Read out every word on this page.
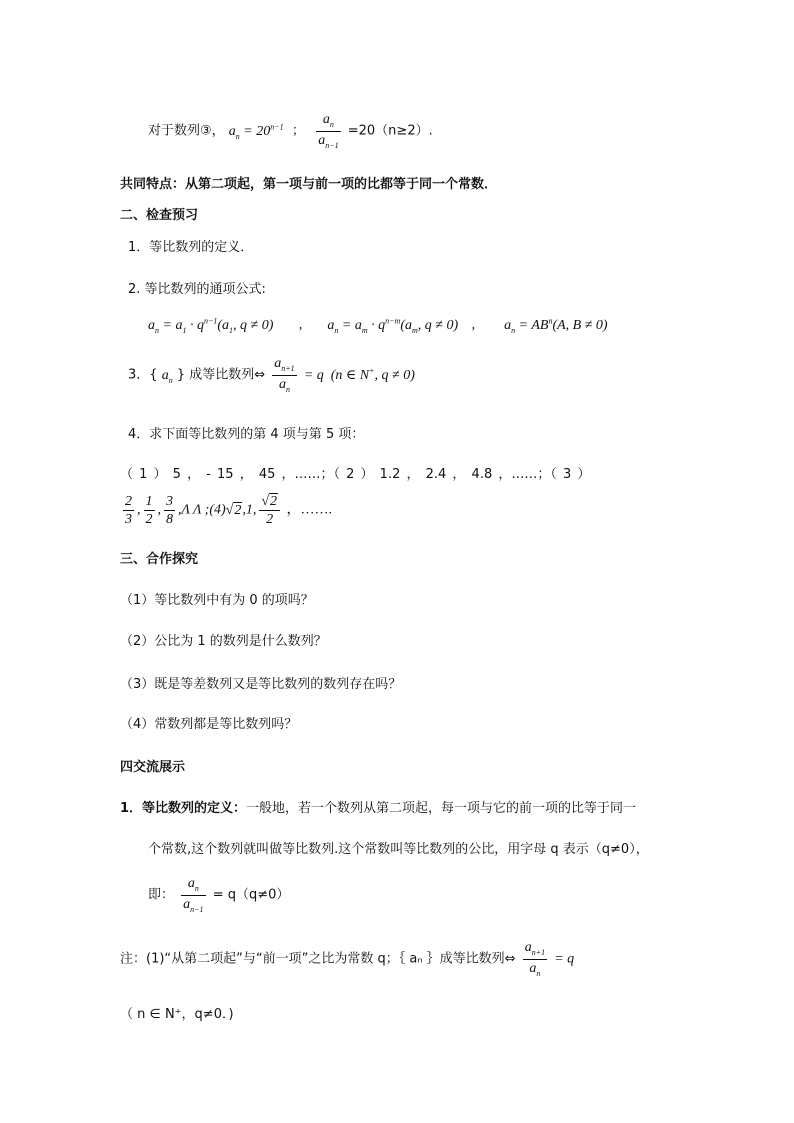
对于数列③， $a_n = 20^{n-1}$  ； $\frac{a_n}{a_{n-1}} =20(n\ge 2)$.
共同特点：从第二项起，第一项与前一项的比都等于同一个常数．
二、检查预习
1．等比数列的定义．
2. 等比数列的通项公式:
$a_n = a_1 \cdot q^{n-1}(a_1$, q ≠ 0) ,  $a_n = a_m \cdot q^{n-m}(a_m$, q ≠ 0) ,  $a_n = AB^n(A$, B ≠ 0)
3．{ $a_n$ } 成等比数列⇔ $\frac{a_{n+1}}{a_n} = q$  (n ∈ N+, q ≠ 0)
4．求下面等比数列的第 4 项与第 5 项：
（ 1 ） 5 ， - 15 ， 45 ，……；（ 2 ） 1.2 ， 2.4 ， 4.8 ，……；（ 3 ）
$\frac{2}{3}$ , $\frac{1}{2}$ , $\frac{3}{8} ,\Lambda$ Λ ;(4)√2,1, $\frac{√2}{2}$ ，…….
三、合作探究
（1）等比数列中有为 0 的项吗？
（2）公比为 1 的数列是什么数列？
（3）既是等差数列又是等比数列的数列存在吗？
（4）常数列都是等比数列吗？
四交流展示
1．等比数列的定义：一般地，若一个数列从第二项起，每一项与它的前一项的比等于同一
个常数,这个数列就叫做等比数列.这个常数叫等比数列的公比，用字母 q 表示（q≠0），
即： $\frac{a_n}{a_{n-1}} = q(q\ne 0)$
注：(1)“从第二项起”与“前一项”之比为常数 q；｛ aₙ ｝成等比数列⇔ $\frac{a_{n+1}}{a_n} = q$
（ n ∈ N⁺，q≠0．)
